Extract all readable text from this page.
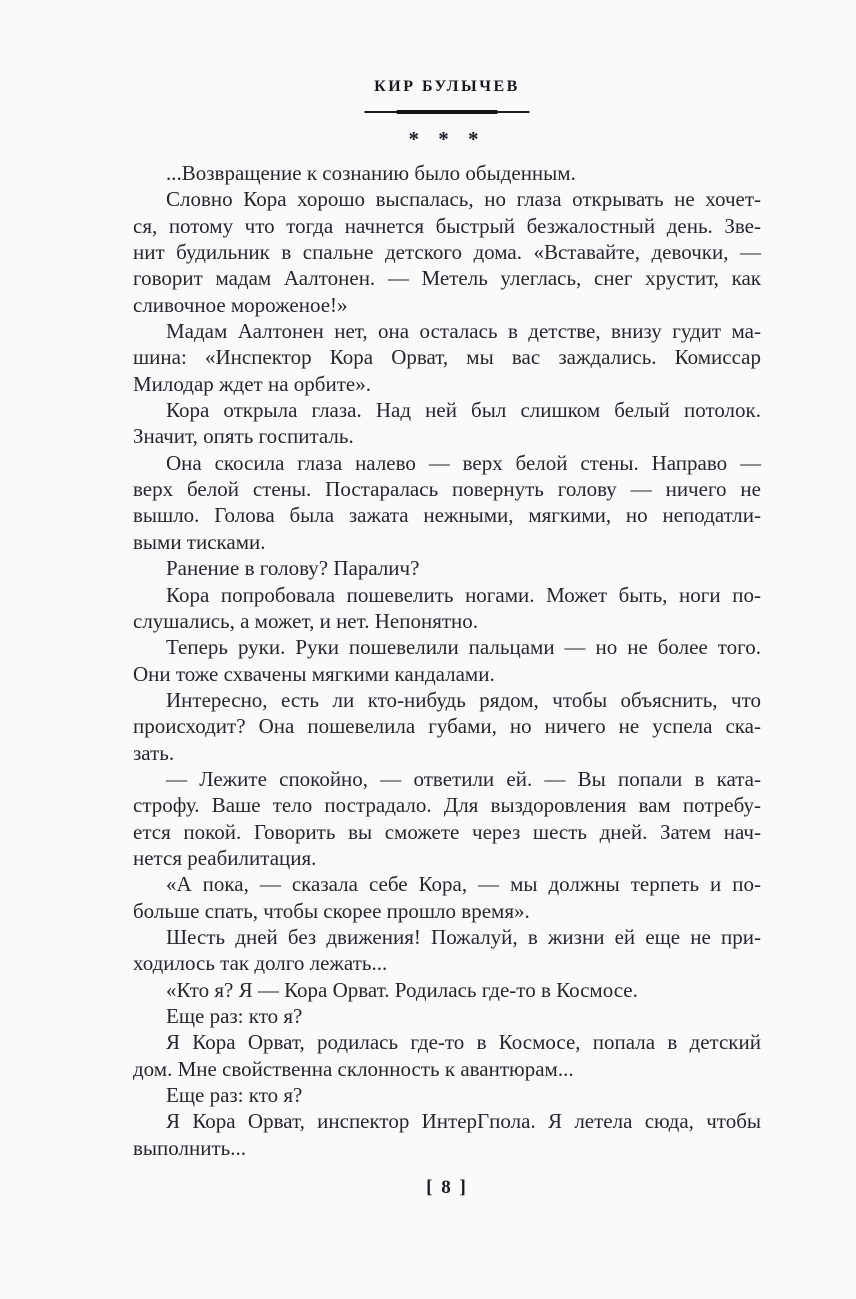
КИР БУЛЫЧЕВ
* * *

...Возвращение к сознанию было обыденным.

Словно Кора хорошо выспалась, но глаза открывать не хочет-
ся, потому что тогда начнется быстрый безжалостный день. Зве-
нит будильник в спальне детского дома. «Вставайте, девочки, —
говорит мадам Аалтонен. — Метель улеглась, снег хрустит, как
сливочное мороженое!»

Мадам Аалтонен нет, она осталась в детстве, внизу гудит ма-
шина: «Инспектор Кора Орват, мы вас заждались. Комиссар
Милодар ждет на орбите».

Кора открыла глаза. Над ней был слишком белый потолок.
Значит, опять госпиталь.

Она скосила глаза налево — верх белой стены. Направо —
верх белой стены. Постаралась повернуть голову — ничего не
вышло. Голова была зажата нежными, мягкими, но неподатли-
выми тисками.

Ранение в голову? Паралич?

Кора попробовала пошевелить ногами. Может быть, ноги по-
слушались, а может, и нет. Непонятно.

Теперь руки. Руки пошевелили пальцами — но не более того.
Они тоже схвачены мягкими кандалами.

Интересно, есть ли кто-нибудь рядом, чтобы объяснить, что
происходит? Она пошевелила губами, но ничего не успела ска-
зать.

— Лежите спокойно, — ответили ей. — Вы попали в ката-
строфу. Ваше тело пострадало. Для выздоровления вам потребу-
ется покой. Говорить вы сможете через шесть дней. Затем нач-
нется реабилитация.

«А пока, — сказала себе Кора, — мы должны терпеть и по-
больше спать, чтобы скорее прошло время».

Шесть дней без движения! Пожалуй, в жизни ей еще не при-
ходилось так долго лежать...

«Кто я? Я — Кора Орват. Родилась где-то в Космосе.

Еще раз: кто я?

Я Кора Орват, родилась где-то в Космосе, попала в детский
дом. Мне свойственна склонность к авантюрам...

Еще раз: кто я?

Я Кора Орват, инспектор ИнтерГпола. Я летела сюда, чтобы
выполнить...

[ 8 ]
